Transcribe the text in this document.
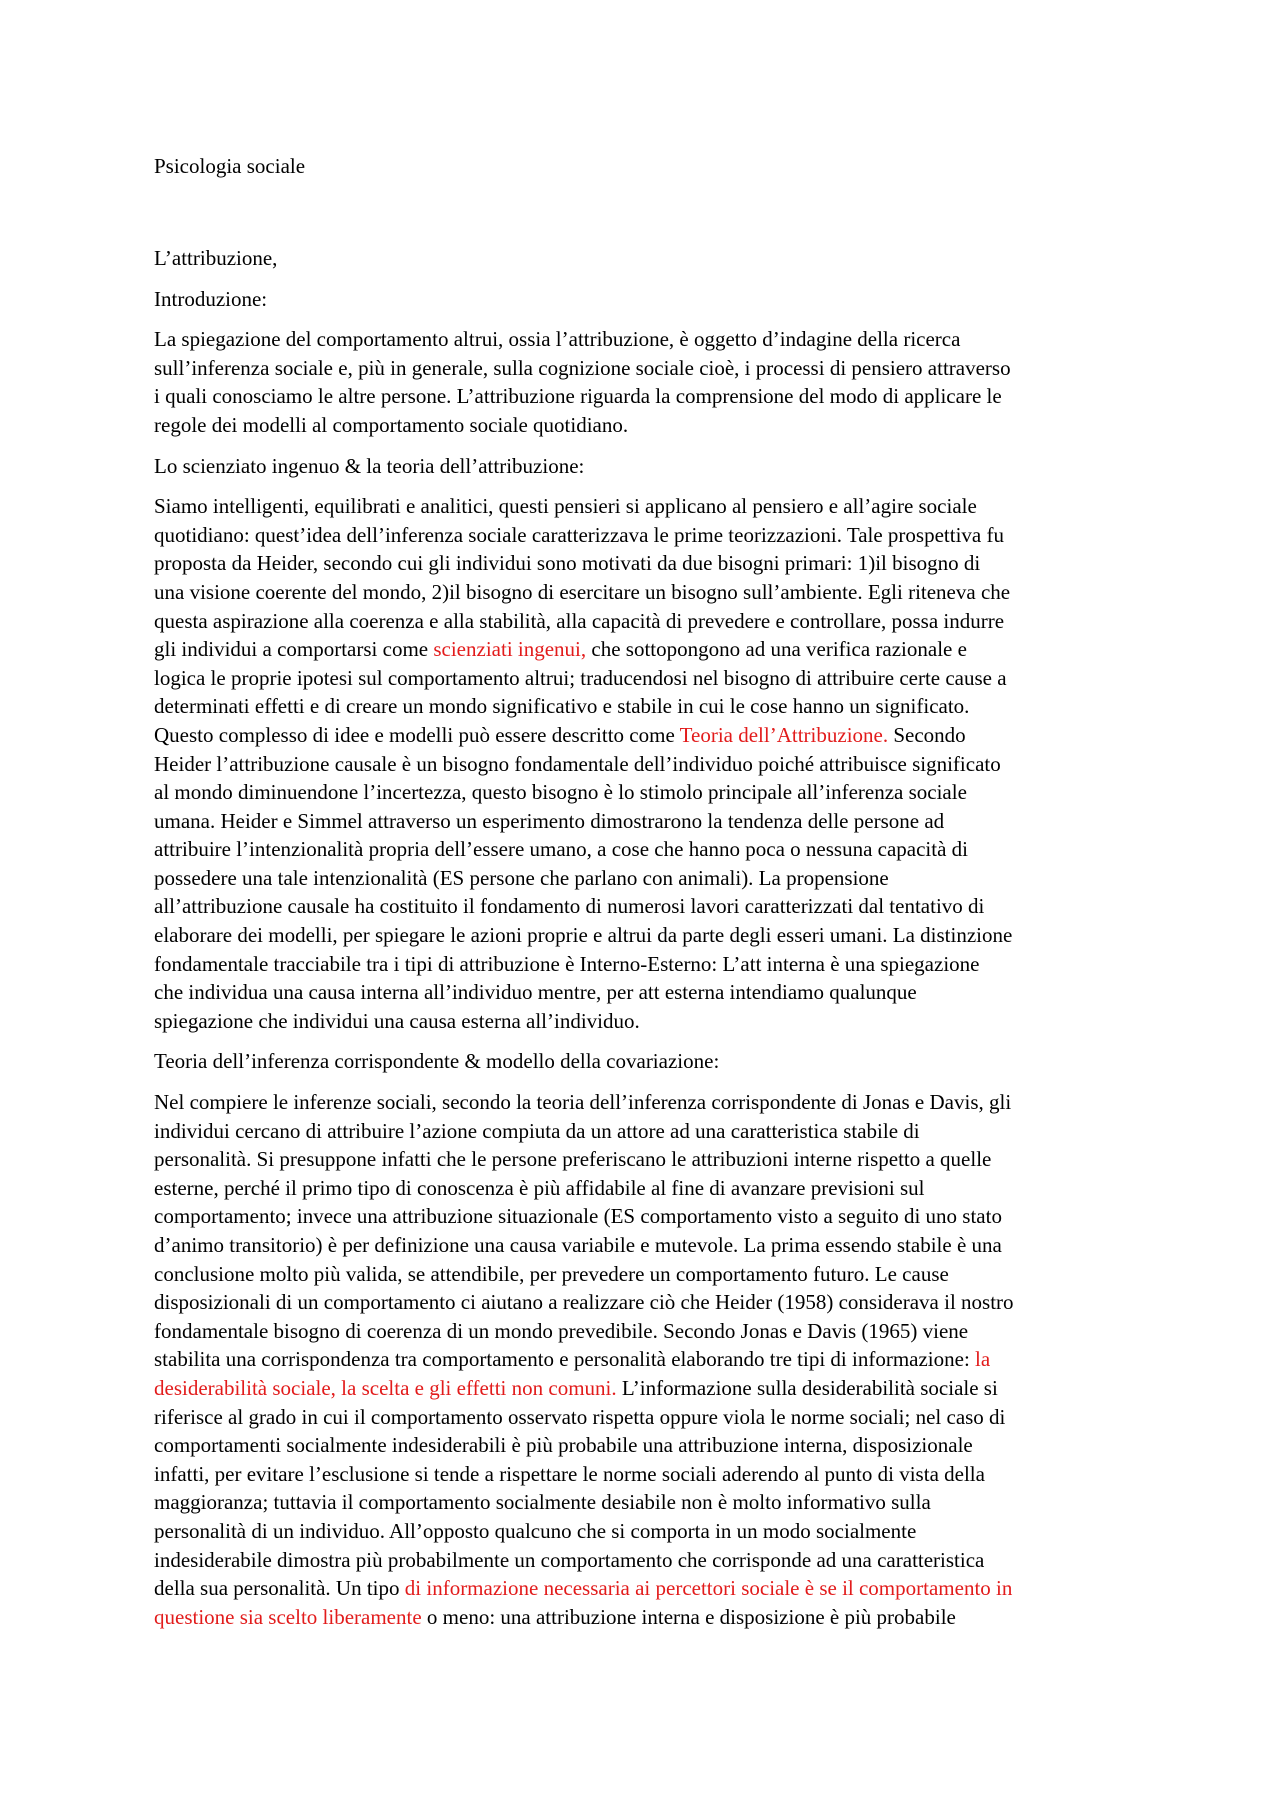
Psicologia sociale

L’attribuzione,

Introduzione:

La spiegazione del comportamento altrui, ossia l’attribuzione, è oggetto d’indagine della ricerca
sull’inferenza sociale e, più in generale, sulla cognizione sociale cioè, i processi di pensiero attraverso
i quali conosciamo le altre persone. L’attribuzione riguarda la comprensione del modo di applicare le
regole dei modelli al comportamento sociale quotidiano.

Lo scienziato ingenuo & la teoria dell’attribuzione:

Siamo intelligenti, equilibrati e analitici, questi pensieri si applicano al pensiero e all’agire sociale
quotidiano: quest’idea dell’inferenza sociale caratterizzava le prime teorizzazioni. Tale prospettiva fu
proposta da Heider, secondo cui gli individui sono motivati da due bisogni primari: 1)il bisogno di
una visione coerente del mondo, 2)il bisogno di esercitare un bisogno sull’ambiente. Egli riteneva che
questa aspirazione alla coerenza e alla stabilità, alla capacità di prevedere e controllare, possa indurre
gli individui a comportarsi come scienziati ingenui, che sottopongono ad una verifica razionale e
logica le proprie ipotesi sul comportamento altrui; traducendosi nel bisogno di attribuire certe cause a
determinati effetti e di creare un mondo significativo e stabile in cui le cose hanno un significato.
Questo complesso di idee e modelli può essere descritto come Teoria dell’Attribuzione. Secondo
Heider l’attribuzione causale è un bisogno fondamentale dell’individuo poiché attribuisce significato
al mondo diminuendone l’incertezza, questo bisogno è lo stimolo principale all’inferenza sociale
umana. Heider e Simmel attraverso un esperimento dimostrarono la tendenza delle persone ad
attribuire l’intenzionalità propria dell’essere umano, a cose che hanno poca o nessuna capacità di
possedere una tale intenzionalità (ES persone che parlano con animali). La propensione
all’attribuzione causale ha costituito il fondamento di numerosi lavori caratterizzati dal tentativo di
elaborare dei modelli, per spiegare le azioni proprie e altrui da parte degli esseri umani. La distinzione
fondamentale tracciabile tra i tipi di attribuzione è Interno-Esterno: L’att interna è una spiegazione
che individua una causa interna all’individuo mentre, per att esterna intendiamo qualunque
spiegazione che individui una causa esterna all’individuo.

Teoria dell’inferenza corrispondente & modello della covariazione:

Nel compiere le inferenze sociali, secondo la teoria dell’inferenza corrispondente di Jonas e Davis, gli
individui cercano di attribuire l’azione compiuta da un attore ad una caratteristica stabile di
personalità. Si presuppone infatti che le persone preferiscano le attribuzioni interne rispetto a quelle
esterne, perché il primo tipo di conoscenza è più affidabile al fine di avanzare previsioni sul
comportamento; invece una attribuzione situazionale (ES comportamento visto a seguito di uno stato
d’animo transitorio) è per definizione una causa variabile e mutevole. La prima essendo stabile è una
conclusione molto più valida, se attendibile, per prevedere un comportamento futuro. Le cause
disposizionali di un comportamento ci aiutano a realizzare ciò che Heider (1958) considerava il nostro
fondamentale bisogno di coerenza di un mondo prevedibile. Secondo Jonas e Davis (1965) viene
stabilita una corrispondenza tra comportamento e personalità elaborando tre tipi di informazione: la
desiderabilità sociale, la scelta e gli effetti non comuni. L’informazione sulla desiderabilità sociale si
riferisce al grado in cui il comportamento osservato rispetta oppure viola le norme sociali; nel caso di
comportamenti socialmente indesiderabili è più probabile una attribuzione interna, disposizionale
infatti, per evitare l’esclusione si tende a rispettare le norme sociali aderendo al punto di vista della
maggioranza; tuttavia il comportamento socialmente desiabile non è molto informativo sulla
personalità di un individuo. All’opposto qualcuno che si comporta in un modo socialmente
indesiderabile dimostra più probabilmente un comportamento che corrisponde ad una caratteristica
della sua personalità. Un tipo di informazione necessaria ai percettori sociale è se il comportamento in
questione sia scelto liberamente o meno: una attribuzione interna e disposizione è più probabile
